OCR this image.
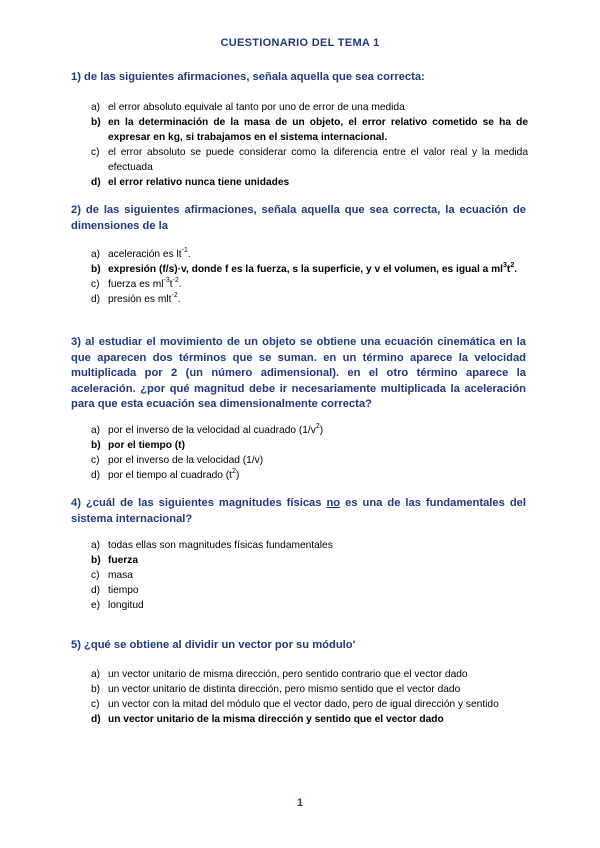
CUESTIONARIO DEL TEMA 1
1) de las siguientes afirmaciones, señala aquella que sea correcta:
a) el error absoluto equivale al tanto por uno de error de una medida
b) en la determinación de la masa de un objeto, el error relativo cometido se ha de expresar en kg, si trabajamos en el sistema internacional.
c) el error absoluto se puede considerar como la diferencia entre el valor real y la medida efectuada
d) el error relativo nunca tiene unidades
2) de las siguientes afirmaciones, señala aquella que sea correcta, la ecuación de dimensiones de la
a) aceleración es $lt^{-1}$.
b) expresión (f/s)·v, donde f es la fuerza, s la superficie, y v el volumen, es igual a $ml^3t^2$.
c) fuerza es $ml^{-3}t^{-2}$.
d) presión es mlt$^{-2}$.
3) al estudiar el movimiento de un objeto se obtiene una ecuación cinemática en la que aparecen dos términos que se suman. en un término aparece la velocidad multiplicada por 2 (un número adimensional). en el otro término aparece la aceleración. ¿por qué magnitud debe ir necesariamente multiplicada la aceleración para que esta ecuación sea dimensionalmente correcta?
a) por el inverso de la velocidad al cuadrado $(1/v^2)$
b) por el tiempo (t)
c) por el inverso de la velocidad (1/v)
d) por el tiempo al cuadrado $(t^2)$
4) ¿cuál de las siguientes magnitudes físicas no es una de las fundamentales del sistema internacional?
a) todas ellas son magnitudes físicas fundamentales
b) fuerza
c) masa
d) tiempo
e) longitud
5) ¿qué se obtiene al dividir un vector por su módulo'
a) un vector unitario de misma dirección, pero sentido contrario que el vector dado
b) un vector unitario de distinta dirección, pero mismo sentido que el vector dado
c) un vector con la mitad del módulo que el vector dado, pero de igual dirección y sentido
d) un vector unitario de la misma dirección y sentido que el vector dado
1
